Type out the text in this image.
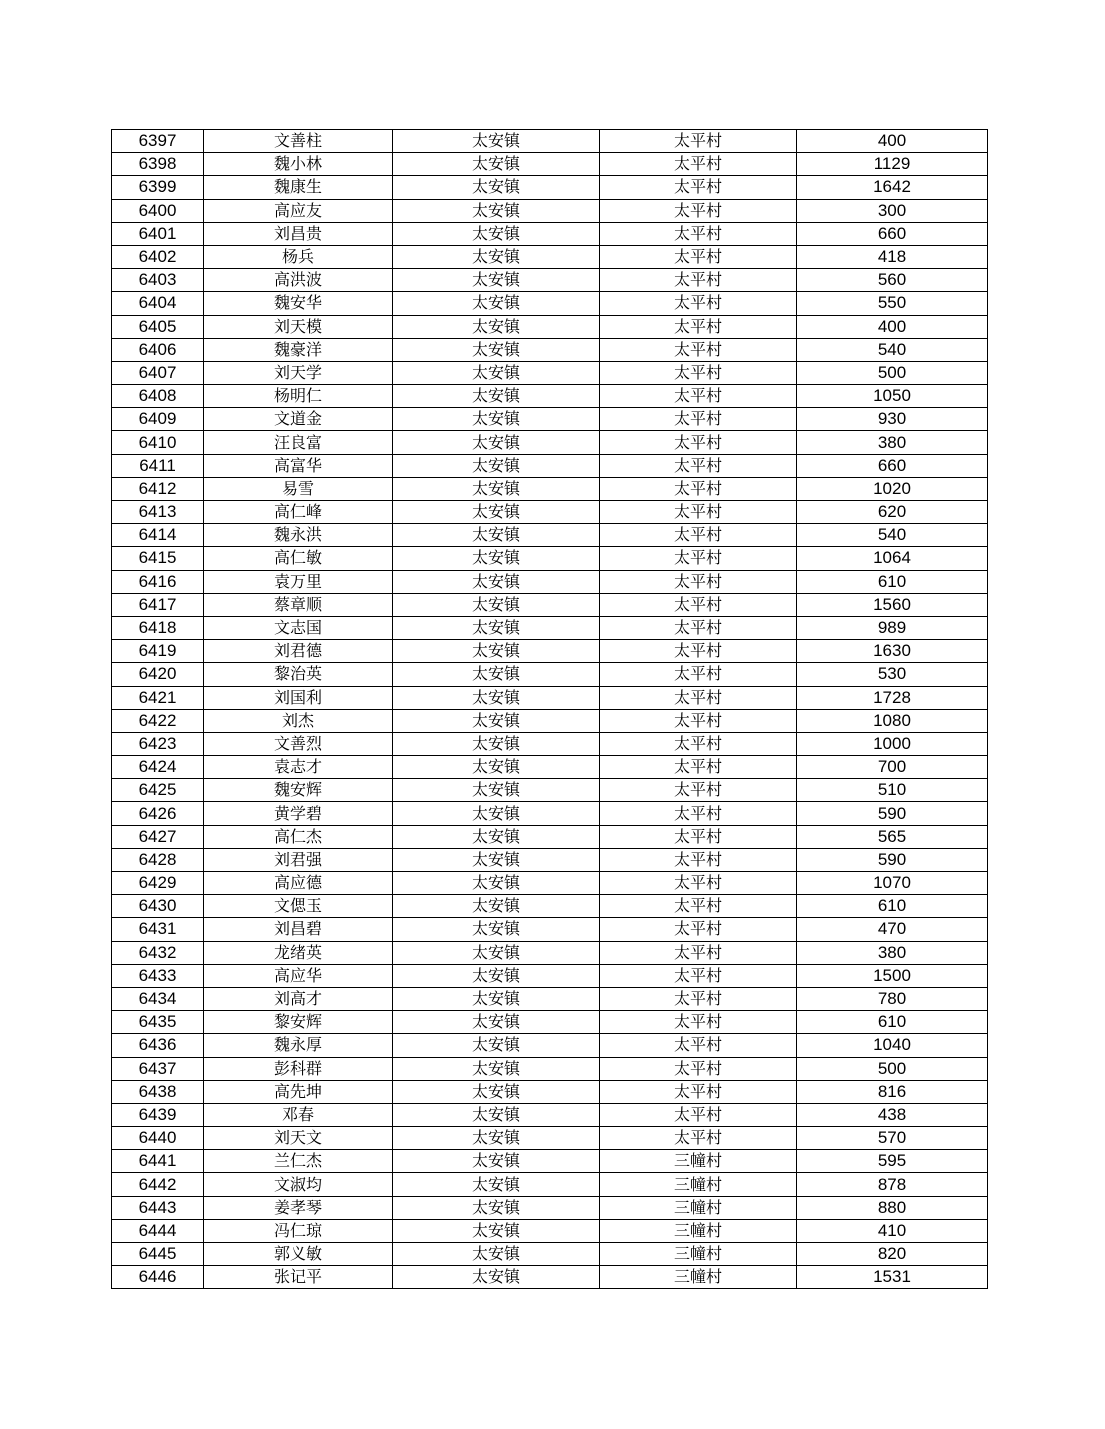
6397	文善柱	太安镇	太平村	400
6398	魏小林	太安镇	太平村	1129
6399	魏康生	太安镇	太平村	1642
6400	高应友	太安镇	太平村	300
6401	刘昌贵	太安镇	太平村	660
6402	杨兵	太安镇	太平村	418
6403	高洪波	太安镇	太平村	560
6404	魏安华	太安镇	太平村	550
6405	刘天模	太安镇	太平村	400
6406	魏豪洋	太安镇	太平村	540
6407	刘天学	太安镇	太平村	500
6408	杨明仁	太安镇	太平村	1050
6409	文道金	太安镇	太平村	930
6410	汪良富	太安镇	太平村	380
6411	高富华	太安镇	太平村	660
6412	易雪	太安镇	太平村	1020
6413	高仁峰	太安镇	太平村	620
6414	魏永洪	太安镇	太平村	540
6415	高仁敏	太安镇	太平村	1064
6416	袁万里	太安镇	太平村	610
6417	蔡章顺	太安镇	太平村	1560
6418	文志国	太安镇	太平村	989
6419	刘君德	太安镇	太平村	1630
6420	黎治英	太安镇	太平村	530
6421	刘国利	太安镇	太平村	1728
6422	刘杰	太安镇	太平村	1080
6423	文善烈	太安镇	太平村	1000
6424	袁志才	太安镇	太平村	700
6425	魏安辉	太安镇	太平村	510
6426	黄学碧	太安镇	太平村	590
6427	高仁杰	太安镇	太平村	565
6428	刘君强	太安镇	太平村	590
6429	高应德	太安镇	太平村	1070
6430	文偲玉	太安镇	太平村	610
6431	刘昌碧	太安镇	太平村	470
6432	龙绪英	太安镇	太平村	380
6433	高应华	太安镇	太平村	1500
6434	刘高才	太安镇	太平村	780
6435	黎安辉	太安镇	太平村	610
6436	魏永厚	太安镇	太平村	1040
6437	彭科群	太安镇	太平村	500
6438	高先坤	太安镇	太平村	816
6439	邓春	太安镇	太平村	438
6440	刘天文	太安镇	太平村	570
6441	兰仁杰	太安镇	三幢村	595
6442	文淑均	太安镇	三幢村	878
6443	姜孝琴	太安镇	三幢村	880
6444	冯仁琼	太安镇	三幢村	410
6445	郭义敏	太安镇	三幢村	820
6446	张记平	太安镇	三幢村	1531
